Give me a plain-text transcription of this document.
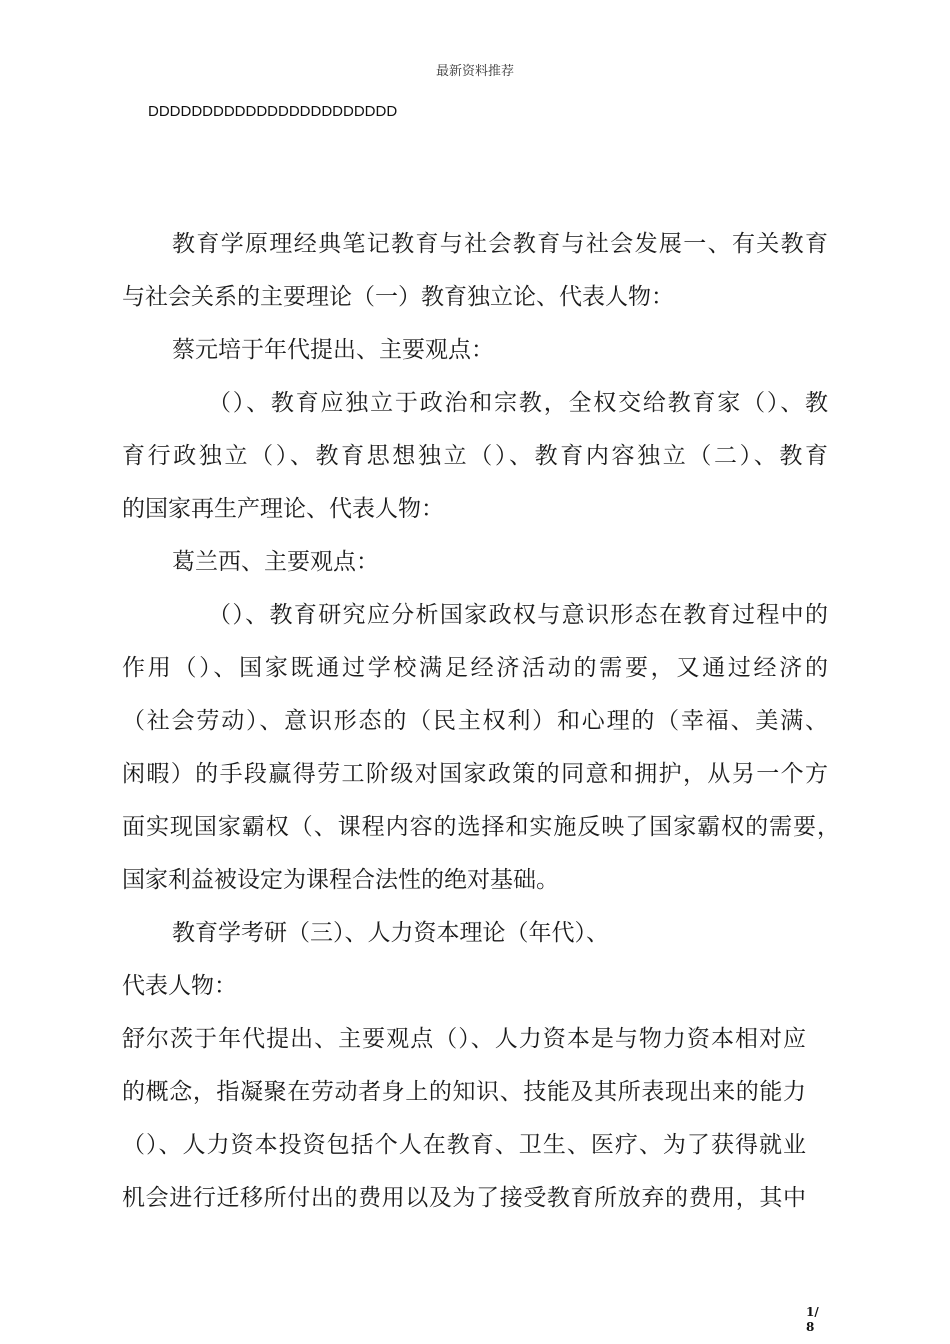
最新资料推荐
DDDDDDDDDDDDDDDDDDDDDDD
教育学原理经典笔记教育与社会教育与社会发展一、有关教育
与社会关系的主要理论（一）教育独立论、代表人物：
蔡元培于年代提出、主要观点：
（）、教育应独立于政治和宗教，全权交给教育家（）、教
育行政独立（）、教育思想独立（）、教育内容独立（二）、教育
的国家再生产理论、代表人物：
葛兰西、主要观点：
（）、教育研究应分析国家政权与意识形态在教育过程中的
作用（）、国家既通过学校满足经济活动的需要，又通过经济的
（社会劳动）、意识形态的（民主权利）和心理的（幸福、美满、
闲暇）的手段赢得劳工阶级对国家政策的同意和拥护，从另一个方
面实现国家霸权（、课程内容的选择和实施反映了国家霸权的需要，
国家利益被设定为课程合法性的绝对基础。
教育学考研（三）、人力资本理论（年代）、
代表人物：
舒尔茨于年代提出、主要观点（）、人力资本是与物力资本相对应
的概念，指凝聚在劳动者身上的知识、技能及其所表现出来的能力
（）、人力资本投资包括个人在教育、卫生、医疗、为了获得就业
机会进行迁移所付出的费用以及为了接受教育所放弃的费用，其中
1/
8
